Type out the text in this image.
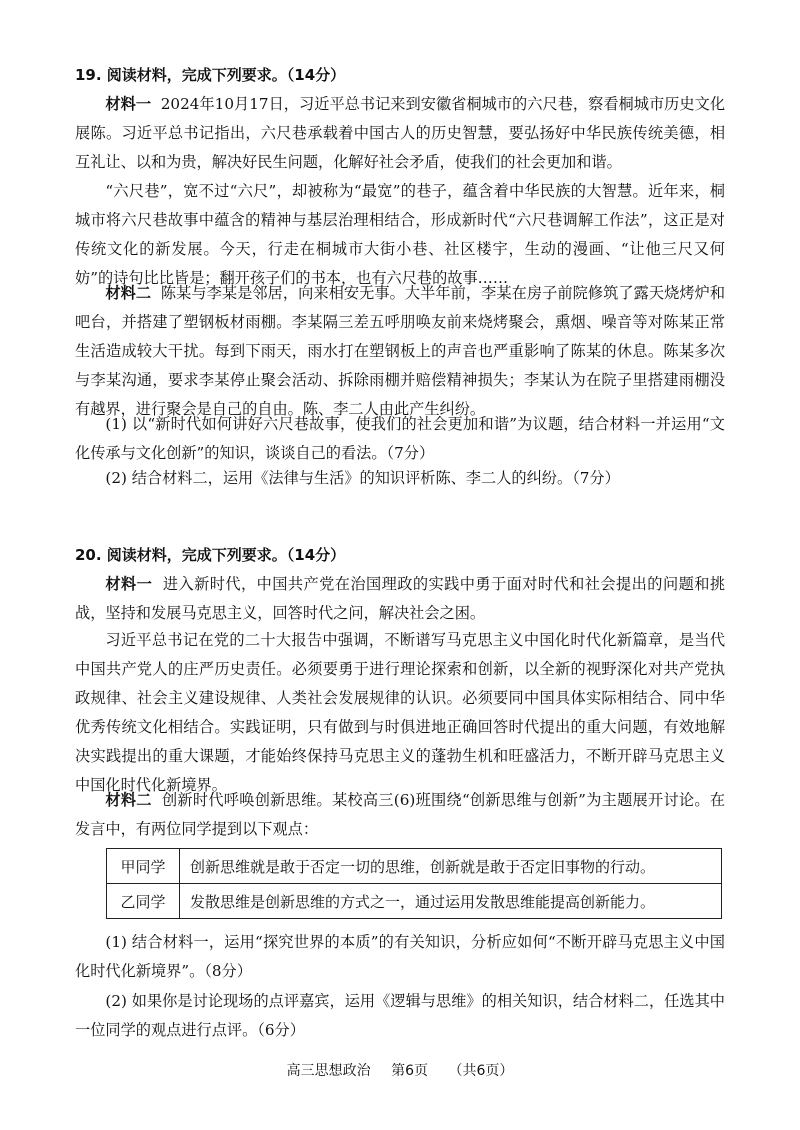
19. 阅读材料，完成下列要求。（14分）
材料一 2024年10月17日，习近平总书记来到安徽省桐城市的六尺巷，察看桐城市历史文化展陈。习近平总书记指出，六尺巷承载着中国古人的历史智慧，要弘扬好中华民族传统美德，相互礼让、以和为贵，解决好民生问题，化解好社会矛盾，使我们的社会更加和谐。
“六尺巷”，宽不过“六尺”，却被称为“最宽”的巷子，蕴含着中华民族的大智慧。近年来，桐城市将六尺巷故事中蕴含的精神与基层治理相结合，形成新时代“六尺巷调解工作法”，这正是对传统文化的新发展。今天，行走在桐城市大街小巷、社区楼宇，生动的漫画、“让他三尺又何妨”的诗句比比皆是；翻开孩子们的书本，也有六尺巷的故事……
材料二 陈某与李某是邻居，向来相安无事。大半年前，李某在房子前院修筑了露天烧烤炉和吧台，并搭建了塑钢板材雨棚。李某隔三差五呼朋唤友前来烧烤聚会，熏烟、噪音等对陈某正常生活造成较大干扰。每到下雨天，雨水打在塑钢板上的声音也严重影响了陈某的休息。陈某多次与李某沟通，要求李某停止聚会活动、拆除雨棚并赔偿精神损失；李某认为在院子里搭建雨棚没有越界，进行聚会是自己的自由。陈、李二人由此产生纠纷。
(1) 以“新时代如何讲好六尺巷故事，使我们的社会更加和谐”为议题，结合材料一并运用“文化传承与文化创新”的知识，谈谈自己的看法。（7分）
(2) 结合材料二，运用《法律与生活》的知识评析陈、李二人的纠纷。（7分）
20. 阅读材料，完成下列要求。（14分）
材料一 进入新时代，中国共产党在治国理政的实践中勇于面对时代和社会提出的问题和挑战，坚持和发展马克思主义，回答时代之问，解决社会之困。
习近平总书记在党的二十大报告中强调，不断谱写马克思主义中国化时代化新篇章，是当代中国共产党人的庄严历史责任。必须要勇于进行理论探索和创新，以全新的视野深化对共产党执政规律、社会主义建设规律、人类社会发展规律的认识。必须要同中国具体实际相结合、同中华优秀传统文化相结合。实践证明，只有做到与时俱进地正确回答时代提出的重大问题，有效地解决实践提出的重大课题，才能始终保持马克思主义的蓬勃生机和旺盛活力，不断开辟马克思主义中国化时代化新境界。
材料二 创新时代呼唤创新思维。某校高三(6)班围绕“创新思维与创新”为主题展开讨论。在发言中，有两位同学提到以下观点：
甲同学	创新思维就是敢于否定一切的思维，创新就是敢于否定旧事物的行动。
乙同学	发散思维是创新思维的方式之一，通过运用发散思维能提高创新能力。
(1) 结合材料一，运用“探究世界的本质”的有关知识，分析应如何“不断开辟马克思主义中国化时代化新境界”。（8分）
(2) 如果你是讨论现场的点评嘉宾，运用《逻辑与思维》的相关知识，结合材料二，任选其中一位同学的观点进行点评。（6分）
高三思想政治 第6页 （共6页）
